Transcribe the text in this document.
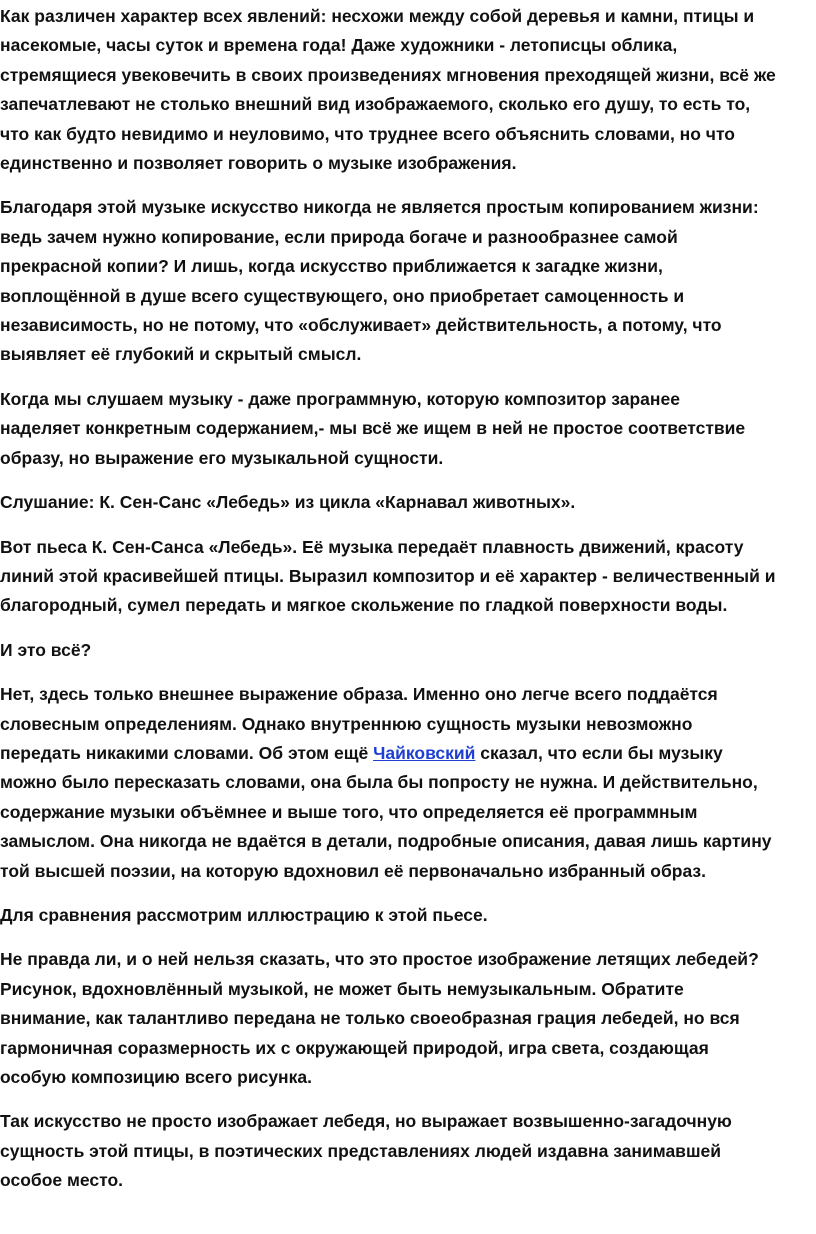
Как различен характер всех явлений: несхожи между собой деревья и камни, птицы и
насекомые, часы суток и времена года! Даже художники - летописцы облика,
стремящиеся увековечить в своих произведениях мгновения преходящей жизни, всё же
запечатлевают не столько внешний вид изображаемого, сколько его душу, то есть то,
что как будто невидимо и неуловимо, что труднее всего объяснить словами, но что
единственно и позволяет говорить о музыке изображения.

Благодаря этой музыке искусство никогда не является простым копированием жизни:
ведь зачем нужно копирование, если природа богаче и разнообразнее самой
прекрасной копии? И лишь, когда искусство приближается к загадке жизни,
воплощённой в душе всего существующего, оно приобретает самоценность и
независимость, но не потому, что «обслуживает» действительность, а потому, что
выявляет её глубокий и скрытый смысл.

Когда мы слушаем музыку - даже программную, которую композитор заранее
наделяет конкретным содержанием,- мы всё же ищем в ней не простое соответствие
образу, но выражение его музыкальной сущности.

Слушание: К. Сен-Санс «Лебедь» из цикла «Карнавал животных».

Вот пьеса К. Сен-Санса «Лебедь». Её музыка передаёт плавность движений, красоту
линий этой красивейшей птицы. Выразил композитор и её характер - величественный и
благородный, сумел передать и мягкое скольжение по гладкой поверхности воды.

И это всё?

Нет, здесь только внешнее выражение образа. Именно оно легче всего поддаётся
словесным определениям. Однако внутреннюю сущность музыки невозможно
передать никакими словами. Об этом ещё Чайковский сказал, что если бы музыку
можно было пересказать словами, она была бы попросту не нужна. И действительно,
содержание музыки объёмнее и выше того, что определяется её программным
замыслом. Она никогда не вдаётся в детали, подробные описания, давая лишь картину
той высшей поэзии, на которую вдохновил её первоначально избранный образ.

Для сравнения рассмотрим иллюстрацию к этой пьесе.

Не правда ли, и о ней нельзя сказать, что это простое изображение летящих лебедей?
Рисунок, вдохновлённый музыкой, не может быть немузыкальным. Обратите
внимание, как талантливо передана не только своеобразная грация лебедей, но вся
гармоничная соразмерность их с окружающей природой, игра света, создающая
особую композицию всего рисунка.

Так искусство не просто изображает лебедя, но выражает возвышенно-загадочную
сущность этой птицы, в поэтических представлениях людей издавна занимавшей
особое место.
